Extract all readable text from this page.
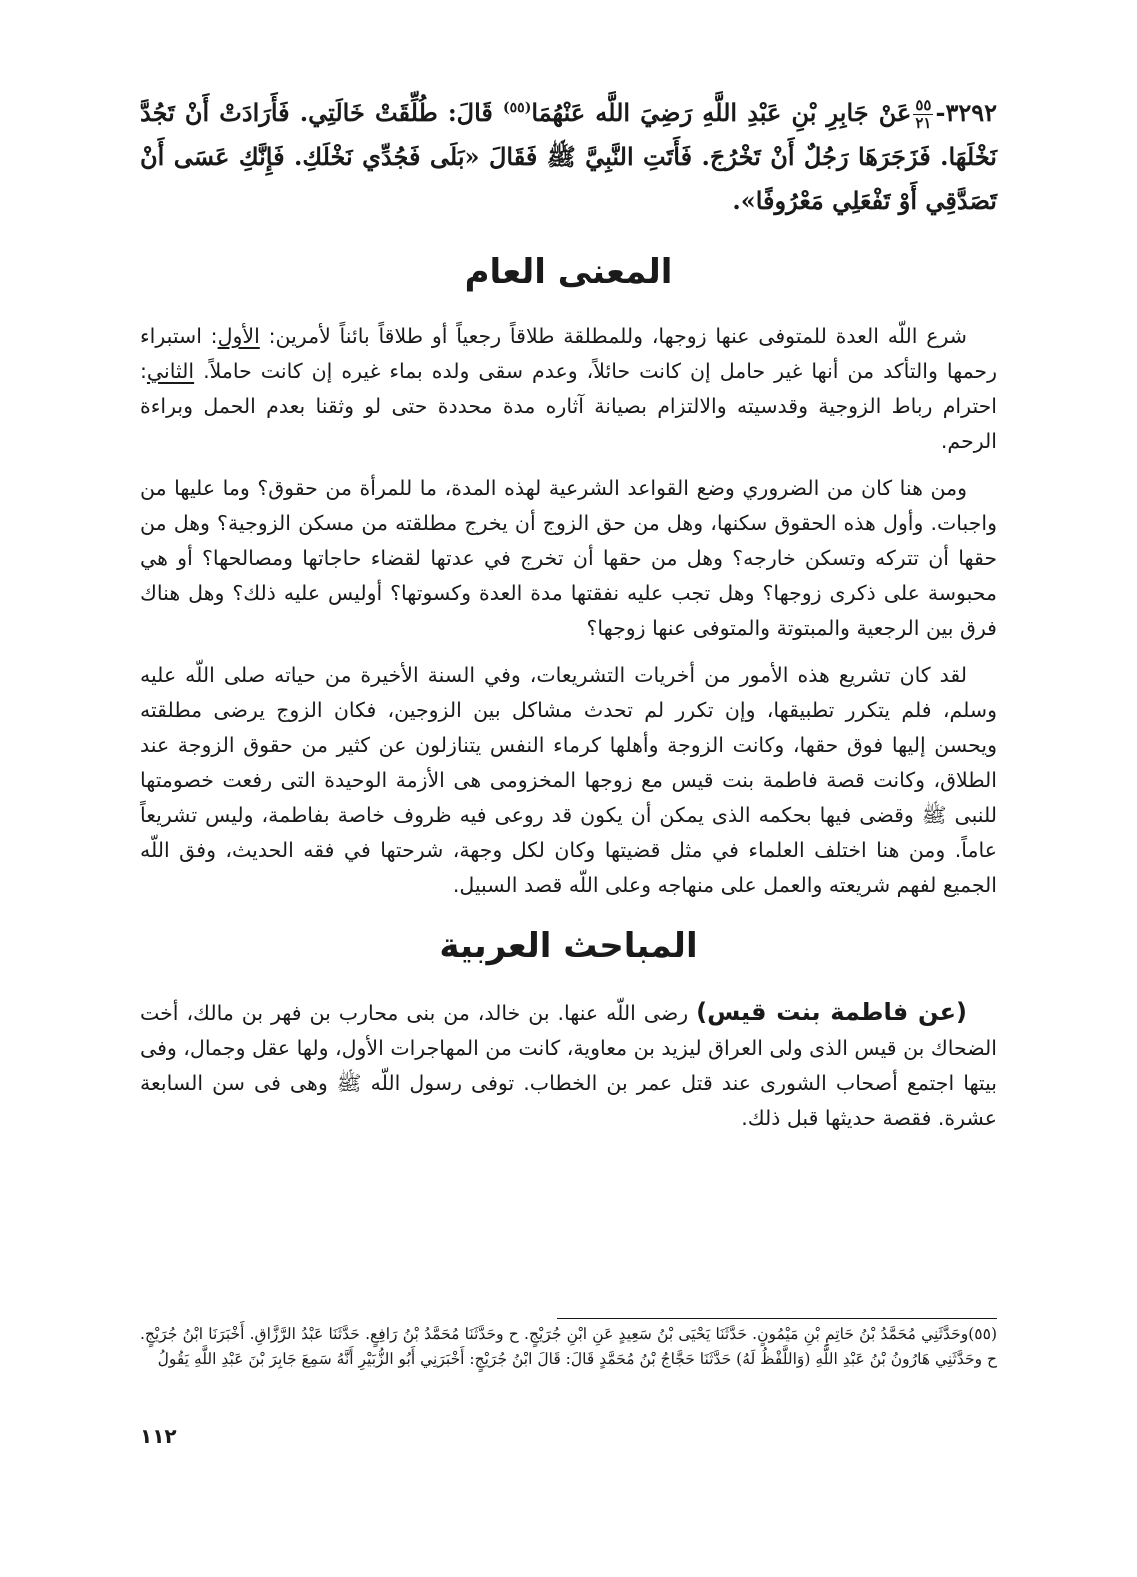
٣٢٩٢-
$\frac{٥٥}{٢١}$
عَنْ جَابِرِ بْنِ عَبْدِ اللَّهِ رَضِيَ اللَّه عَنْهُمَا$^{(٥٥)}$ قَالَ: طُلِّقَتْ خَالَتِي. فَأَرَادَتْ أَنْ تَجُدَّ نَخْلَهَا. فَزَجَرَهَا رَجُلٌ أَنْ تَخْرُجَ. فَأَتَتِ النَّبِيَّ ﷺ فَقَالَ «بَلَى فَجُدِّي نَخْلَكِ. فَإِنَّكِ عَسَى أَنْ تَصَدَّقِي أَوْ تَفْعَلِي مَعْرُوفًا».

المعنى العام

شرع اللّه العدة للمتوفى عنها زوجها، وللمطلقة طلاقاً رجعياً أو طلاقاً بائناً لأمرين: الأول: استبراء رحمها والتأكد من أنها غير حامل إن كانت حائلاً، وعدم سقى ولده بماء غيره إن كانت حاملاً. الثاني: احترام رباط الزوجية وقدسيته والالتزام بصيانة آثاره مدة محددة حتى لو وثقنا بعدم الحمل وبراءة الرحم.

ومن هنا كان من الضروري وضع القواعد الشرعية لهذه المدة، ما للمرأة من حقوق؟ وما عليها من واجبات. وأول هذه الحقوق سكنها، وهل من حق الزوج أن يخرج مطلقته من مسكن الزوجية؟ وهل من حقها أن تتركه وتسكن خارجه؟ وهل من حقها أن تخرج في عدتها لقضاء حاجاتها ومصالحها؟ أو هي محبوسة على ذكرى زوجها؟ وهل تجب عليه نفقتها مدة العدة وكسوتها؟ أوليس عليه ذلك؟ وهل هناك فرق بين الرجعية والمبتوتة والمتوفى عنها زوجها؟

لقد كان تشريع هذه الأمور من أخريات التشريعات، وفي السنة الأخيرة من حياته صلى اللّه عليه وسلم، فلم يتكرر تطبيقها، وإن تكرر لم تحدث مشاكل بين الزوجين، فكان الزوج يرضى مطلقته ويحسن إليها فوق حقها، وكانت الزوجة وأهلها كرماء النفس يتنازلون عن كثير من حقوق الزوجة عند الطلاق، وكانت قصة فاطمة بنت قيس مع زوجها المخزومى هى الأزمة الوحيدة التى رفعت خصومتها للنبى ﷺ وقضى فيها بحكمه الذى يمكن أن يكون قد روعى فيه ظروف خاصة بفاطمة، وليس تشريعاً عاماً. ومن هنا اختلف العلماء في مثل قضيتها وكان لكل وجهة، شرحتها في فقه الحديث، وفق اللّه الجميع لفهم شريعته والعمل على منهاجه وعلى اللّه قصد السبيل.

المباحث العربية

(عن فاطمة بنت قيس) رضى اللّه عنها. بن خالد، من بنى محارب بن فهر بن مالك، أخت الضحاك بن قيس الذى ولى العراق ليزيد بن معاوية، كانت من المهاجرات الأول، ولها عقل وجمال، وفى بيتها اجتمع أصحاب الشورى عند قتل عمر بن الخطاب. توفى رسول اللّه ﷺ وهى فى سن السابعة عشرة. فقصة حديثها قبل ذلك.

(٥٥)وحَدَّثَنِي مُحَمَّدُ بْنُ حَاتِمِ بْنِ مَيْمُونٍ. حَدَّثَنَا يَحْيَى بْنُ سَعِيدٍ عَنِ ابْنِ جُرَيْجٍ. ح وحَدَّثَنَا مُحَمَّدُ بْنُ رَافِعٍ. حَدَّثَنَا عَبْدُ الرَّزَّاقِ. أَخْبَرَنَا ابْنُ جُرَيْجٍ. ح وحَدَّثَنِي هَارُونُ بْنُ عَبْدِ اللَّهِ (وَاللَّفْظُ لَهُ) حَدَّثَنَا حَجَّاجُ بْنُ مُحَمَّدٍ قَالَ: قَالَ ابْنُ جُرَيْجٍ: أَخْبَرَنِي أَبُو الزُّبَيْرِ أَنَّهُ سَمِعَ جَابِرَ بْنَ عَبْدِ اللَّهِ يَقُولُ
١١٢
